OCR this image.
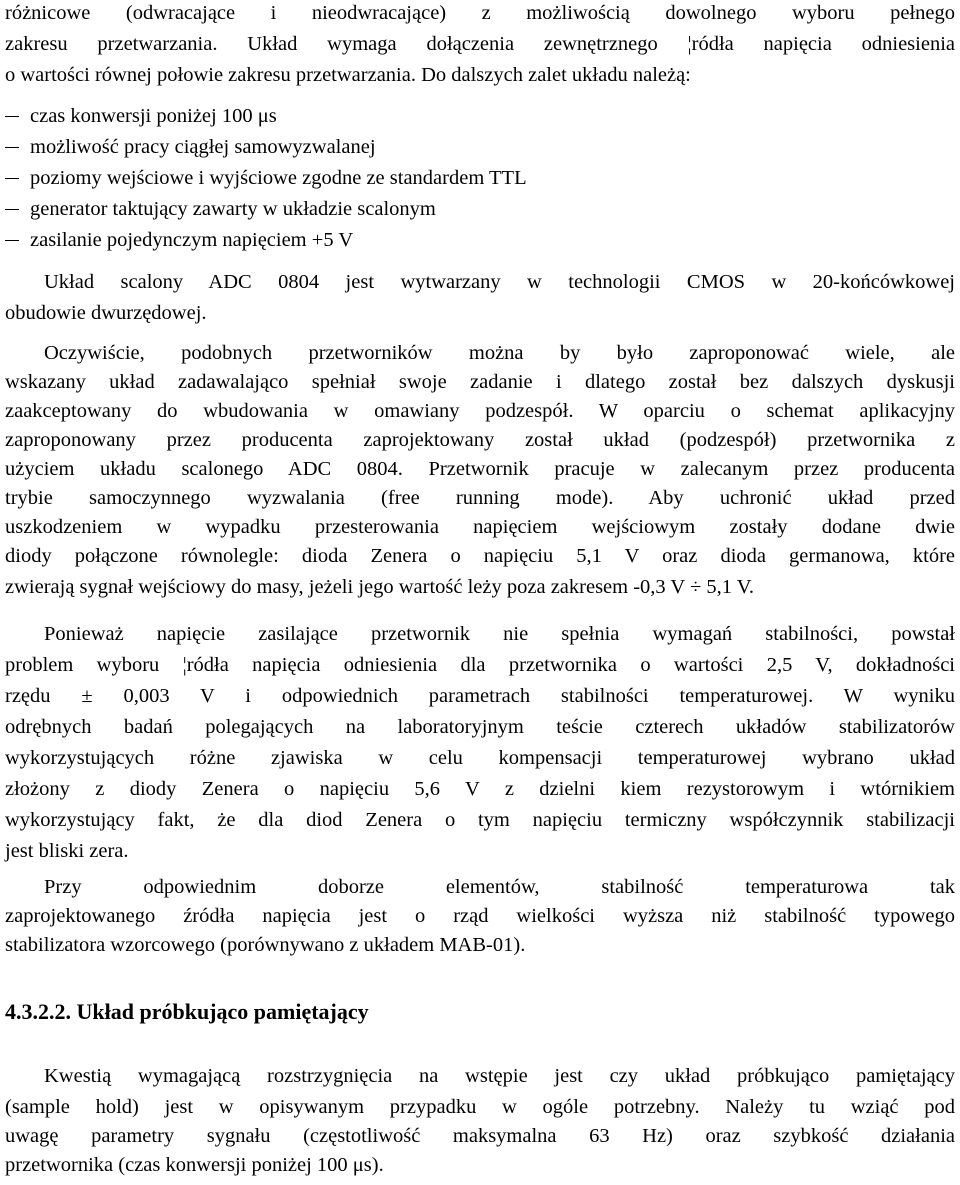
różnicowe (odwracające i nieodwracające) z możliwością dowolnego wyboru pełnego
zakresu przetwarzania. Układ wymaga dołączenia zewnętrznego ¦ródła napięcia odniesienia
o wartości równej połowie zakresu przetwarzania. Do dalszych zalet układu należą:
czas konwersji poniżej 100 μs
możliwość pracy ciągłej samowyzwalanej
poziomy wejściowe i wyjściowe zgodne ze standardem TTL
generator taktujący zawarty w układzie scalonym
zasilanie pojedynczym napięciem +5 V
Układ scalony ADC 0804 jest wytwarzany w technologii CMOS w 20-końcówkowej
obudowie dwurzędowej.
Oczywiście, podobnych przetworników można by było zaproponować wiele, ale
wskazany układ zadawalająco spełniał swoje zadanie i dlatego został bez dalszych dyskusji
zaakceptowany do wbudowania w omawiany podzespół. W oparciu o schemat aplikacyjny
zaproponowany przez producenta zaprojektowany został układ (podzespół) przetwornika z
użyciem układu scalonego ADC 0804. Przetwornik pracuje w zalecanym przez producenta
trybie samoczynnego wyzwalania (free running mode). Aby uchronić układ przed
uszkodzeniem w wypadku przesterowania napięciem wejściowym zostały dodane dwie
diody połączone równolegle: dioda Zenera o napięciu 5,1 V oraz dioda germanowa, które
zwierają sygnał wejściowy do masy, jeżeli jego wartość leży poza zakresem -0,3 V ÷ 5,1 V.
Ponieważ napięcie zasilające przetwornik nie spełnia wymagań stabilności, powstał
problem wyboru ¦ródła napięcia odniesienia dla przetwornika o wartości 2,5 V, dokładności
rzędu ± 0,003 V i odpowiednich parametrach stabilności temperaturowej. W wyniku
odrębnych badań polegających na laboratoryjnym teście czterech układów stabilizatorów
wykorzystujących różne zjawiska w celu kompensacji temperaturowej wybrano układ
złożony z diody Zenera o napięciu 5,6 V z dzielni kiem rezystorowym i wtórnikiem
wykorzystujący fakt, że dla diod Zenera o tym napięciu termiczny współczynnik stabilizacji
jest bliski zera.
Przy odpowiednim doborze elementów, stabilność temperaturowa tak
zaprojektowanego źródła napięcia jest o rząd wielkości wyższa niż stabilność typowego
stabilizatora wzorcowego (porównywano z układem MAB-01).
4.3.2.2. Układ próbkująco pamiętający
Kwestią wymagającą rozstrzygnięcia na wstępie jest czy układ próbkująco pamiętający
(sample hold) jest w opisywanym przypadku w ogóle potrzebny. Należy tu wziąć pod
uwagę parametry sygnału (częstotliwość maksymalna 63 Hz) oraz szybkość działania
przetwornika (czas konwersji poniżej 100 μs).
